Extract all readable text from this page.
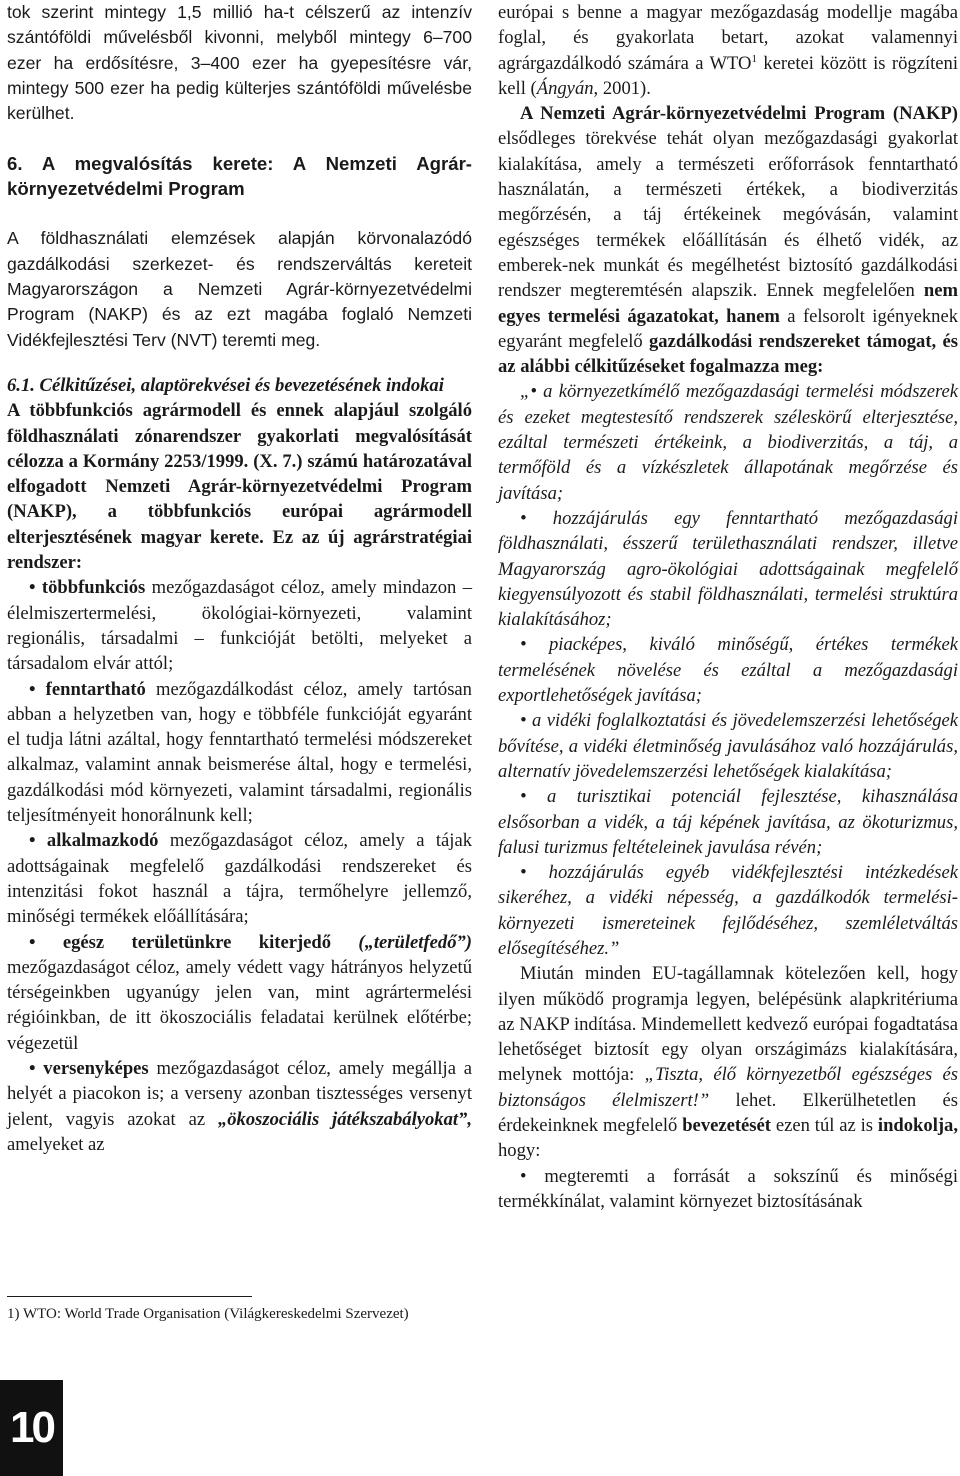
tok szerint mintegy 1,5 millió ha-t célszerű az intenzív szántóföldi művelésből kivonni, melyből mintegy 6–700 ezer ha erdősítésre, 3–400 ezer ha gyepesítésre vár, mintegy 500 ezer ha pedig külterjes szántóföldi művelésbe kerülhet.

6. A megvalósítás kerete: A Nemzeti Agrár-környezetvédelmi Program

A földhasználati elemzések alapján körvonalazódó gazdálkodási szerkezet- és rendszerváltás kereteit Magyarországon a Nemzeti Agrár-környezetvédelmi Program (NAKP) és az ezt magába foglaló Nemzeti Vidékfejlesztési Terv (NVT) teremti meg.

6.1. Célkitűzései, alaptörekvései és bevezetésének indokai

A többfunkciós agrármodell és ennek alapjául szolgáló földhasználati zónarendszer gyakorlati megvalósítását célozza a Kormány 2253/1999. (X. 7.) számú határozatával elfogadott Nemzeti Agrár-környezetvédelmi Program (NAKP), a többfunkciós európai agrármodell elterjesztésének magyar kerete. Ez az új agrárstratégiai rendszer:

• többfunkciós mezőgazdaságot céloz, amely mindazon – élelmiszertermelési, ökológiai-környezeti, valamint regionális, társadalmi – funkcióját betölti, melyeket a társadalom elvár attól;

• fenntartható mezőgazdálkodást céloz, amely tartósan abban a helyzetben van, hogy e többféle funkcióját egyaránt el tudja látni azáltal, hogy fenntartható termelési módszereket alkalmaz, valamint annak beismerése által, hogy e termelési, gazdálkodási mód környezeti, valamint társadalmi, regionális teljesítményeit honorálnunk kell;

• alkalmazkodó mezőgazdaságot céloz, amely a tájak adottságainak megfelelő gazdálkodási rendszereket és intenzitási fokot használ a tájra, termőhelyre jellemző, minőségi termékek előállítására;

• egész területünkre kiterjedő („területfedő”) mezőgazdaságot céloz, amely védett vagy hátrányos helyzetű térségeinkben ugyanúgy jelen van, mint agrártermelési régióinkban, de itt ökoszociális feladatai kerülnek előtérbe; végezetül

• versenyképes mezőgazdaságot céloz, amely megállja a helyét a piacokon is; a verseny azonban tisztességes versenyt jelent, vagyis azokat az „ökoszociális játékszabályokat”, amelyeket az

1) WTO: World Trade Organisation (Világkereskedelmi Szervezet)
10

európai s benne a magyar mezőgazdaság modellje magába foglal, és gyakorlata betart, azokat valamennyi agrárgazdálkodó számára a WTO$^1$ keretei között is rögzíteni kell (Ángyán, 2001).

A Nemzeti Agrár-környezetvédelmi Program (NAKP) elsődleges törekvése tehát olyan mezőgazdasági gyakorlat kialakítása, amely a természeti erőforrások fenntartható használatán, a természeti értékek, a biodiverzitás megőrzésén, a táj értékeinek megóvásán, valamint egészséges termékek előállításán és élhető vidék, az emberek-nek munkát és megélhetést biztosító gazdálkodási rendszer megteremtésén alapszik. Ennek megfelelően nem egyes termelési ágazatokat, hanem a felsorolt igényeknek egyaránt megfelelő gazdálkodási rendszereket támogat, és az alábbi célkitűzéseket fogalmazza meg:

„• a környezetkímélő mezőgazdasági termelési módszerek és ezeket megtestesítő rendszerek széleskörű elterjesztése, ezáltal természeti értékeink, a biodiverzitás, a táj, a termőföld és a vízkészletek állapotának megőrzése és javítása;

• hozzájárulás egy fenntartható mezőgazdasági földhasználati, ésszerű területhasználati rendszer, illetve Magyarország agro-ökológiai adottságainak megfelelő kiegyensúlyozott és stabil földhasználati, termelési struktúra kialakításához;

• piacképes, kiváló minőségű, értékes termékek termelésének növelése és ezáltal a mezőgazdasági exportlehetőségek javítása;

• a vidéki foglalkoztatási és jövedelemszerzési lehetőségek bővítése, a vidéki életminőség javulásához való hozzájárulás, alternatív jövedelemszerzési lehetőségek kialakítása;

• a turisztikai potenciál fejlesztése, kihasználása elsősorban a vidék, a táj képének javítása, az ökoturizmus, falusi turizmus feltételeinek javulása révén;

• hozzájárulás egyéb vidékfejlesztési intézkedések sikeréhez, a vidéki népesség, a gazdálkodók termelési-környezeti ismereteinek fejlődéséhez, szemléletváltás elősegítéséhez.”

Miután minden EU-tagállamnak kötelezően kell, hogy ilyen működő programja legyen, belépésünk alapkritériuma az NAKP indítása. Mindemellett kedvező európai fogadtatása lehetőséget biztosít egy olyan országimázs kialakítására, melynek mottója: „Tiszta, élő környezetből egészséges és biztonságos élelmiszert!” lehet. Elkerülhetetlen és érdekeinknek megfelelő bevezetését ezen túl az is indokolja, hogy:

• megteremti a forrását a sokszínű és minőségi termékkínálat, valamint környezet biztosításának
